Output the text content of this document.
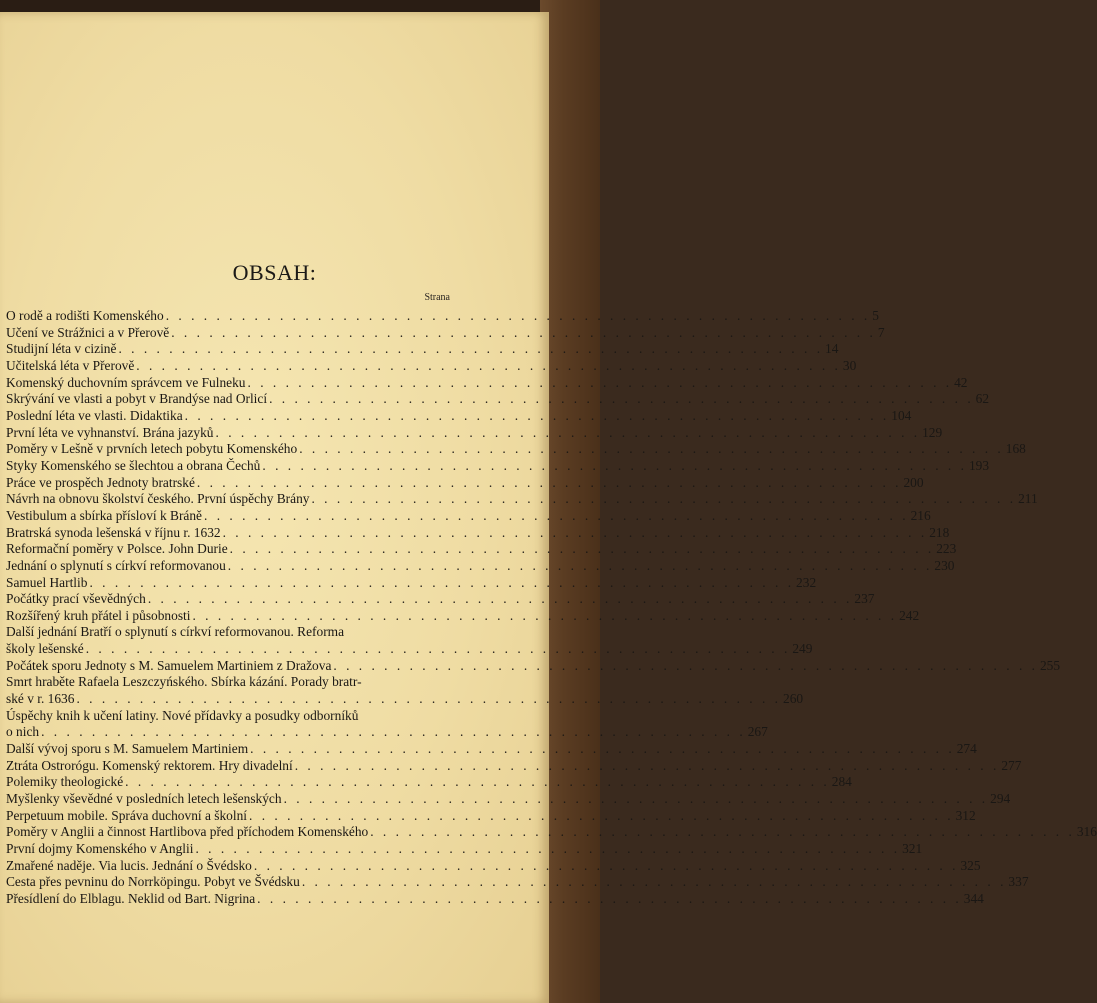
OBSAH:
Strana
O rodě a rodišti Komenského . . . . . . . . . . . . . . . . . . . . . . . . . . . . . . . . . . . . . . . . . . . . . . . . . . . . . . . . 5
Učení ve Strážnici a v Přerově . . . . . . . . . . . . . . . . . . . . . . . . . . . . . . . . . . . . . . . . . . . . . . . . . . . . . . . . 7
Studijní léta v cizině . . . . . . . . . . . . . . . . . . . . . . . . . . . . . . . . . . . . . . . . . . . . . . . . . . . . . . . . 14
Učitelská léta v Přerově . . . . . . . . . . . . . . . . . . . . . . . . . . . . . . . . . . . . . . . . . . . . . . . . . . . . . . . . 30
Komenský duchovním správcem ve Fulneku . . . . . . . . . . . . . . . . . . . . . . . . . . . . . . . . . . . . . . . . . . . . . . . . . . . . . . . . 42
Skrývání ve vlasti a pobyt v Brandýse nad Orlicí . . . . . . . . . . . . . . . . . . . . . . . . . . . . . . . . . . . . . . . . . . . . . . . . . . . . . . . . 62
Poslední léta ve vlasti. Didaktika . . . . . . . . . . . . . . . . . . . . . . . . . . . . . . . . . . . . . . . . . . . . . . . . . . . . . . . . 104
První léta ve vyhnanství. Brána jazyků . . . . . . . . . . . . . . . . . . . . . . . . . . . . . . . . . . . . . . . . . . . . . . . . . . . . . . . . 129
Poměry v Lešně v prvních letech pobytu Komenského . . . . . . . . . . . . . . . . . . . . . . . . . . . . . . . . . . . . . . . . . . . . . . . . . . . . . . . . 168
Styky Komenského se šlechtou a obrana Čechů . . . . . . . . . . . . . . . . . . . . . . . . . . . . . . . . . . . . . . . . . . . . . . . . . . . . . . . . 193
Práce ve prospěch Jednoty bratrské . . . . . . . . . . . . . . . . . . . . . . . . . . . . . . . . . . . . . . . . . . . . . . . . . . . . . . . . 200
Návrh na obnovu školství českého. První úspěchy Brány . . . . . . . . . . . . . . . . . . . . . . . . . . . . . . . . . . . . . . . . . . . . . . . . . . . . . . . . 211
Vestibulum a sbírka přísloví k Bráně . . . . . . . . . . . . . . . . . . . . . . . . . . . . . . . . . . . . . . . . . . . . . . . . . . . . . . . . 216
Bratrská synoda lešenská v říjnu r. 1632 . . . . . . . . . . . . . . . . . . . . . . . . . . . . . . . . . . . . . . . . . . . . . . . . . . . . . . . . 218
Reformační poměry v Polsce. John Durie . . . . . . . . . . . . . . . . . . . . . . . . . . . . . . . . . . . . . . . . . . . . . . . . . . . . . . . . 223
Jednání o splynutí s církví reformovanou . . . . . . . . . . . . . . . . . . . . . . . . . . . . . . . . . . . . . . . . . . . . . . . . . . . . . . . . 230
Samuel Hartlib . . . . . . . . . . . . . . . . . . . . . . . . . . . . . . . . . . . . . . . . . . . . . . . . . . . . . . . . 232
Počátky prací vševědných . . . . . . . . . . . . . . . . . . . . . . . . . . . . . . . . . . . . . . . . . . . . . . . . . . . . . . . . 237
Rozšířený kruh přátel i působnosti . . . . . . . . . . . . . . . . . . . . . . . . . . . . . . . . . . . . . . . . . . . . . . . . . . . . . . . . 242
Další jednání Bratří o splynutí s církví reformovanou. Reforma
školy lešenské . . . . . . . . . . . . . . . . . . . . . . . . . . . . . . . . . . . . . . . . . . . . . . . . . . . . . . . . 249
Počátek sporu Jednoty s M. Samuelem Martiniem z Dražova . . . . . . . . . . . . . . . . . . . . . . . . . . . . . . . . . . . . . . . . . . . . . . . . . . . . . . . . 255
Smrt hraběte Rafaela Leszczyńského. Sbírka kázání. Porady bratr-
ské v r. 1636 . . . . . . . . . . . . . . . . . . . . . . . . . . . . . . . . . . . . . . . . . . . . . . . . . . . . . . . . 260
Úspěchy knih k učení latiny. Nové přídavky a posudky odborníků
o nich . . . . . . . . . . . . . . . . . . . . . . . . . . . . . . . . . . . . . . . . . . . . . . . . . . . . . . . . 267
Další vývoj sporu s M. Samuelem Martiniem . . . . . . . . . . . . . . . . . . . . . . . . . . . . . . . . . . . . . . . . . . . . . . . . . . . . . . . . 274
Ztráta Ostrorógu. Komenský rektorem. Hry divadelní . . . . . . . . . . . . . . . . . . . . . . . . . . . . . . . . . . . . . . . . . . . . . . . . . . . . . . . . 277
Polemiky theologické . . . . . . . . . . . . . . . . . . . . . . . . . . . . . . . . . . . . . . . . . . . . . . . . . . . . . . . . 284
Myšlenky vševědné v posledních letech lešenských . . . . . . . . . . . . . . . . . . . . . . . . . . . . . . . . . . . . . . . . . . . . . . . . . . . . . . . . 294
Perpetuum mobile. Správa duchovní a školní . . . . . . . . . . . . . . . . . . . . . . . . . . . . . . . . . . . . . . . . . . . . . . . . . . . . . . . . 312
Poměry v Anglii a činnost Hartlibova před příchodem Komenského . . . . . . . . . . . . . . . . . . . . . . . . . . . . . . . . . . . . . . . . . . . . . . . . . . . . . . . . 316
První dojmy Komenského v Anglii . . . . . . . . . . . . . . . . . . . . . . . . . . . . . . . . . . . . . . . . . . . . . . . . . . . . . . . . 321
Zmařené naděje. Via lucis. Jednání o Švédsko . . . . . . . . . . . . . . . . . . . . . . . . . . . . . . . . . . . . . . . . . . . . . . . . . . . . . . . . 325
Cesta přes pevninu do Norrköpingu. Pobyt ve Švédsku . . . . . . . . . . . . . . . . . . . . . . . . . . . . . . . . . . . . . . . . . . . . . . . . . . . . . . . . 337
Přesídlení do Elblagu. Neklid od Bart. Nigrina . . . . . . . . . . . . . . . . . . . . . . . . . . . . . . . . . . . . . . . . . . . . . . . . . . . . . . . . 344
